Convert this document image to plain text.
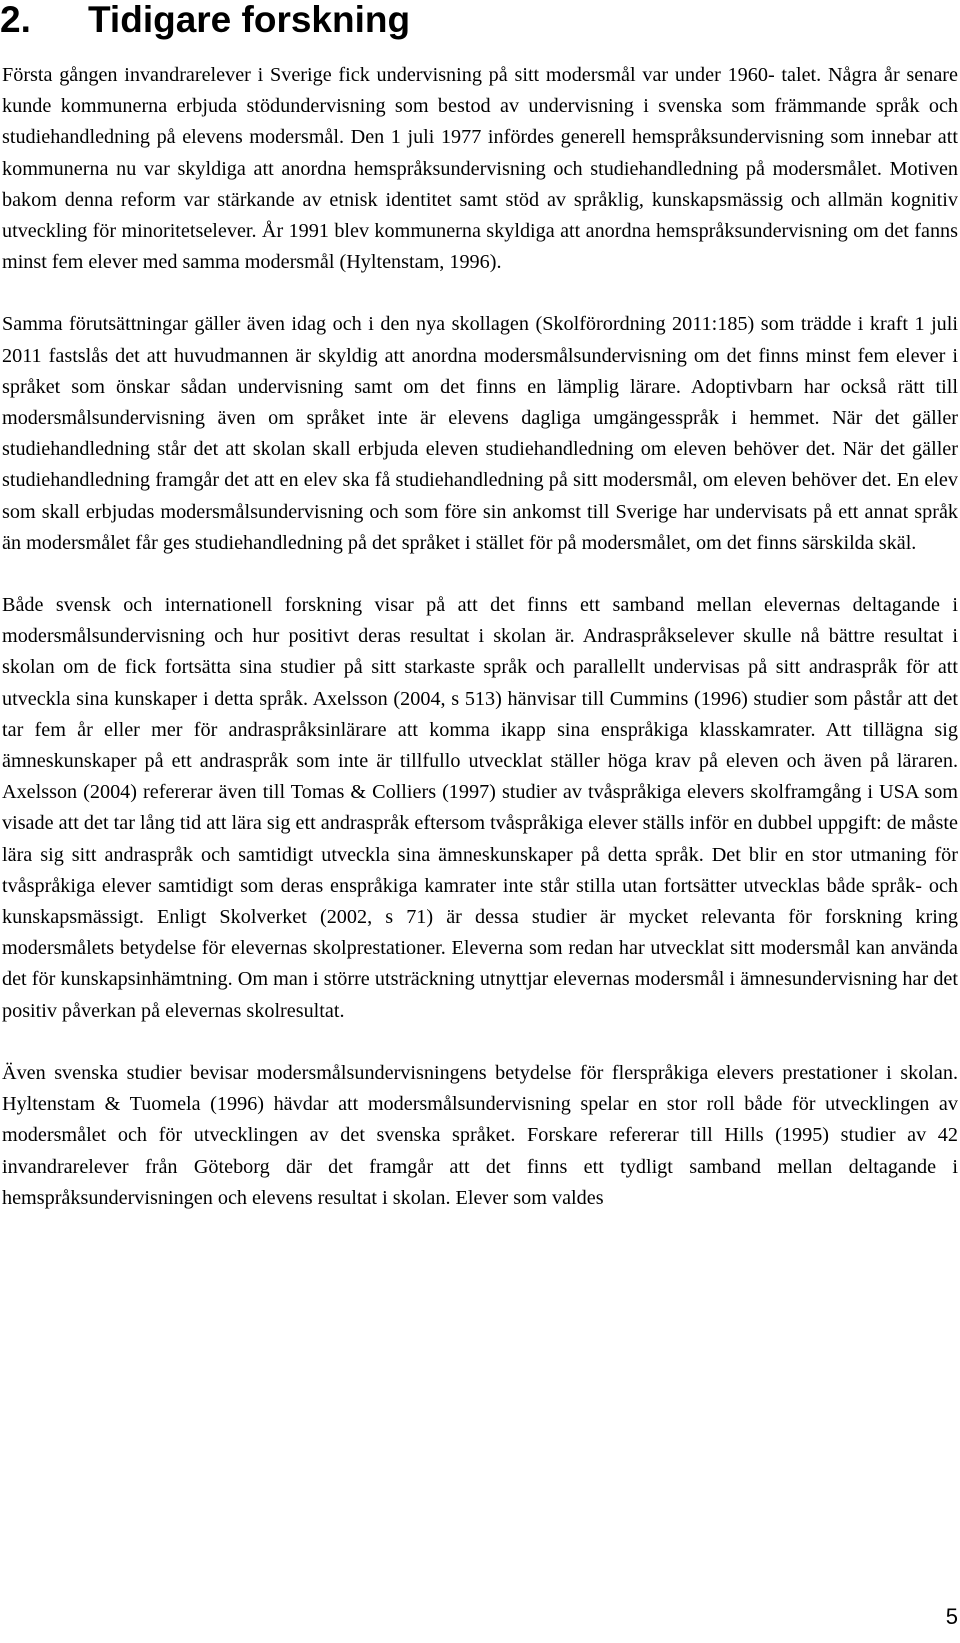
2. Tidigare forskning

Första gången invandrarelever i Sverige fick undervisning på sitt modersmål var under 1960- talet. Några år senare kunde kommunerna erbjuda stödundervisning som bestod av undervisning i svenska som främmande språk och studiehandledning på elevens modersmål. Den 1 juli 1977 infördes generell hemspråksundervisning som innebar att kommunerna nu var skyldiga att anordna hemspråksundervisning och studiehandledning på modersmålet. Motiven bakom denna reform var stärkande av etnisk identitet samt stöd av språklig, kunskapsmässig och allmän kognitiv utveckling för minoritetselever. År 1991 blev kommunerna skyldiga att anordna hemspråksundervisning om det fanns minst fem elever med samma modersmål (Hyltenstam, 1996).

Samma förutsättningar gäller även idag och i den nya skollagen (Skolförordning 2011:185) som trädde i kraft 1 juli 2011 fastslås det att huvudmannen är skyldig att anordna modersmålsundervisning om det finns minst fem elever i språket som önskar sådan undervisning samt om det finns en lämplig lärare. Adoptivbarn har också rätt till modersmålsundervisning även om språket inte är elevens dagliga umgängesspråk i hemmet. När det gäller studiehandledning står det att skolan skall erbjuda eleven studiehandledning om eleven behöver det. När det gäller studiehandledning framgår det att en elev ska få studiehandledning på sitt modersmål, om eleven behöver det. En elev som skall erbjudas modersmålsundervisning och som före sin ankomst till Sverige har undervisats på ett annat språk än modersmålet får ges studiehandledning på det språket i stället för på modersmålet, om det finns särskilda skäl.

Både svensk och internationell forskning visar på att det finns ett samband mellan elevernas deltagande i modersmålsundervisning och hur positivt deras resultat i skolan är. Andraspråkselever skulle nå bättre resultat i skolan om de fick fortsätta sina studier på sitt starkaste språk och parallellt undervisas på sitt andraspråk för att utveckla sina kunskaper i detta språk. Axelsson (2004, s 513) hänvisar till Cummins (1996) studier som påstår att det tar fem år eller mer för andraspråksinlärare att komma ikapp sina enspråkiga klasskamrater. Att tillägna sig ämneskunskaper på ett andraspråk som inte är tillfullo utvecklat ställer höga krav på eleven och även på läraren. Axelsson (2004) refererar även till Tomas & Colliers (1997) studier av tvåspråkiga elevers skolframgång i USA som visade att det tar lång tid att lära sig ett andraspråk eftersom tvåspråkiga elever ställs inför en dubbel uppgift: de måste lära sig sitt andraspråk och samtidigt utveckla sina ämneskunskaper på detta språk. Det blir en stor utmaning för tvåspråkiga elever samtidigt som deras enspråkiga kamrater inte står stilla utan fortsätter utvecklas både språk- och kunskapsmässigt. Enligt Skolverket (2002, s 71) är dessa studier är mycket relevanta för forskning kring modersmålets betydelse för elevernas skolprestationer. Eleverna som redan har utvecklat sitt modersmål kan använda det för kunskapsinhämtning. Om man i större utsträckning utnyttjar elevernas modersmål i ämnesundervisning har det positiv påverkan på elevernas skolresultat.

Även svenska studier bevisar modersmålsundervisningens betydelse för flerspråkiga elevers prestationer i skolan. Hyltenstam & Tuomela (1996) hävdar att modersmålsundervisning spelar en stor roll både för utvecklingen av modersmålet och för utvecklingen av det svenska språket. Forskare refererar till Hills (1995) studier av 42 invandrarelever från Göteborg där det framgår att det finns ett tydligt samband mellan deltagande i hemspråksundervisningen och elevens resultat i skolan. Elever som valdes

5
